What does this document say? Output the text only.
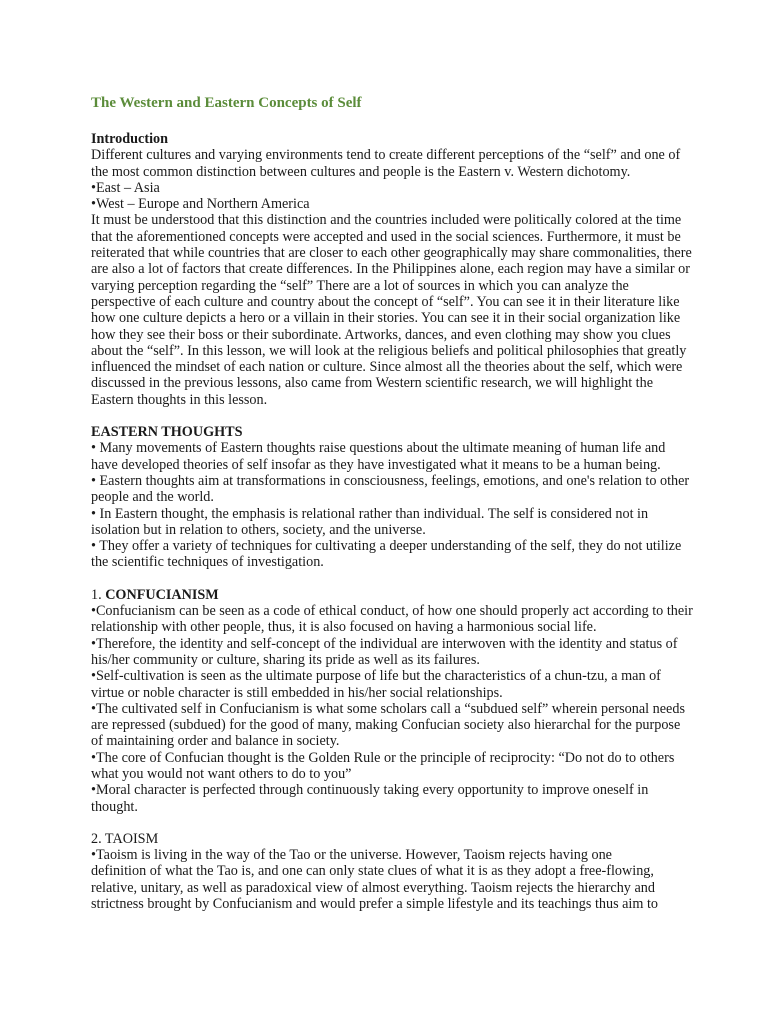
The Western and Eastern Concepts of Self
Introduction
Different cultures and varying environments tend to create different perceptions of the “self” and one of
the most common distinction between cultures and people is the Eastern v. Western dichotomy.
•East – Asia
•West – Europe and Northern America
It must be understood that this distinction and the countries included were politically colored at the time
that the aforementioned concepts were accepted and used in the social sciences. Furthermore, it must be
reiterated that while countries that are closer to each other geographically may share commonalities, there
are also a lot of factors that create differences. In the Philippines alone, each region may have a similar or
varying perception regarding the “self” There are a lot of sources in which you can analyze the
perspective of each culture and country about the concept of “self”. You can see it in their literature like
how one culture depicts a hero or a villain in their stories. You can see it in their social organization like
how they see their boss or their subordinate. Artworks, dances, and even clothing may show you clues
about the “self”. In this lesson, we will look at the religious beliefs and political philosophies that greatly
influenced the mindset of each nation or culture. Since almost all the theories about the self, which were
discussed in the previous lessons, also came from Western scientific research, we will highlight the
Eastern thoughts in this lesson.
EASTERN THOUGHTS
• Many movements of Eastern thoughts raise questions about the ultimate meaning of human life and
have developed theories of self insofar as they have investigated what it means to be a human being.
• Eastern thoughts aim at transformations in consciousness, feelings, emotions, and one's relation to other
people and the world.
• In Eastern thought, the emphasis is relational rather than individual. The self is considered not in
isolation but in relation to others, society, and the universe.
• They offer a variety of techniques for cultivating a deeper understanding of the self, they do not utilize
the scientific techniques of investigation.
1. CONFUCIANISM
•Confucianism can be seen as a code of ethical conduct, of how one should properly act according to their
relationship with other people, thus, it is also focused on having a harmonious social life.
•Therefore, the identity and self-concept of the individual are interwoven with the identity and status of
his/her community or culture, sharing its pride as well as its failures.
•Self-cultivation is seen as the ultimate purpose of life but the characteristics of a chun-tzu, a man of
virtue or noble character is still embedded in his/her social relationships.
•The cultivated self in Confucianism is what some scholars call a “subdued self” wherein personal needs
are repressed (subdued) for the good of many, making Confucian society also hierarchal for the purpose
of maintaining order and balance in society.
•The core of Confucian thought is the Golden Rule or the principle of reciprocity: “Do not do to others
what you would not want others to do to you”
•Moral character is perfected through continuously taking every opportunity to improve oneself in
thought.
2. TAOISM
•Taoism is living in the way of the Tao or the universe. However, Taoism rejects having one
definition of what the Tao is, and one can only state clues of what it is as they adopt a free-flowing,
relative, unitary, as well as paradoxical view of almost everything. Taoism rejects the hierarchy and
strictness brought by Confucianism and would prefer a simple lifestyle and its teachings thus aim to
